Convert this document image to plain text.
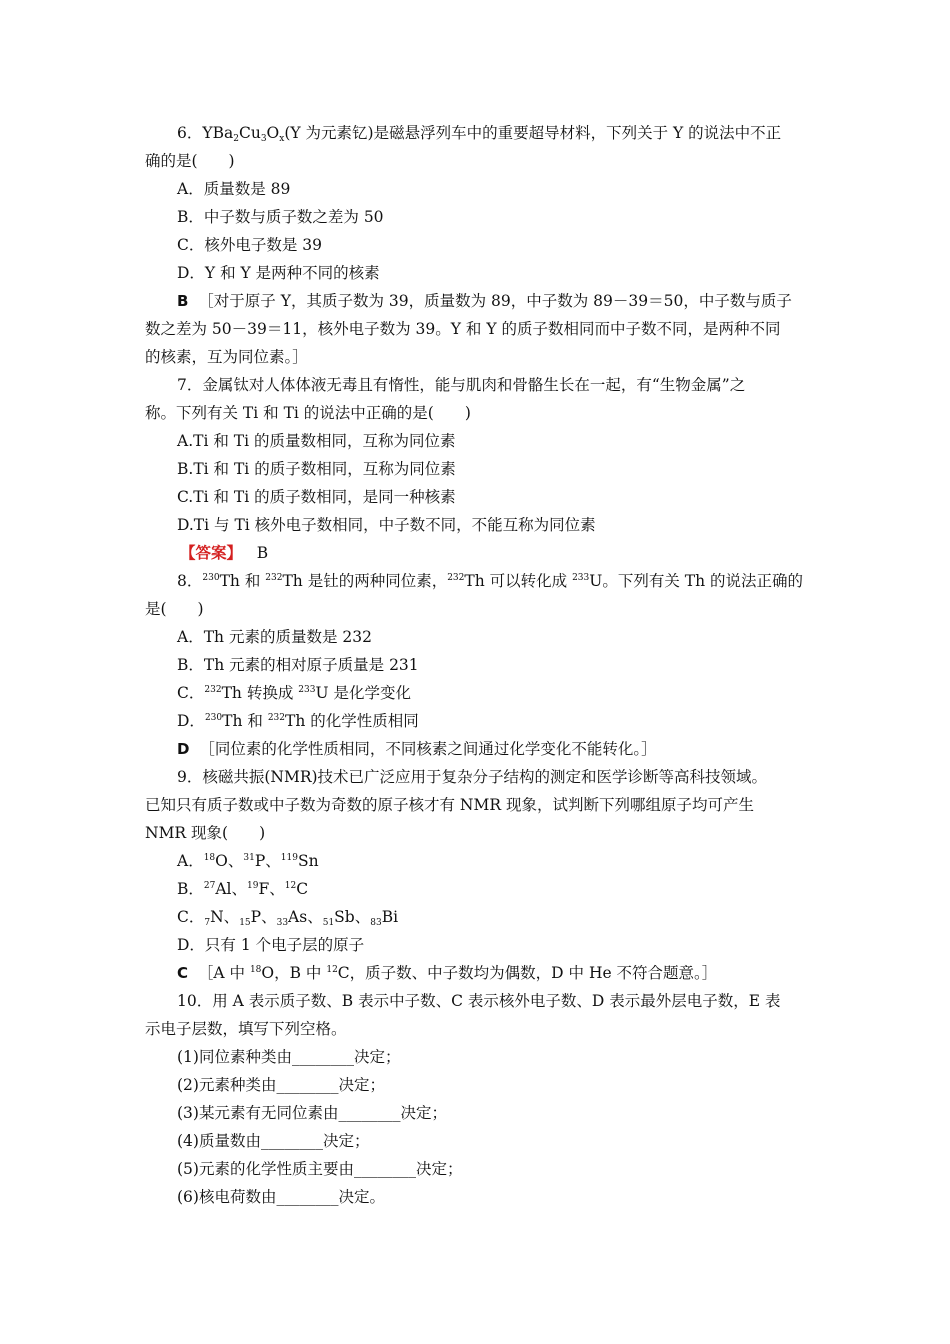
6．$YBa_2Cu_3O_x(Y$ 为元素钇)是磁悬浮列车中的重要超导材料，下列关于 Y 的说法中不正
确的是(　　)
A．质量数是 89
B．中子数与质子数之差为 50
C．核外电子数是 39
D．Y 和 Y 是两种不同的核素
B ［对于原子 Y，其质子数为 39，质量数为 89，中子数为 89－39＝50，中子数与质子
数之差为 50－39＝11，核外电子数为 39。Y 和 Y 的质子数相同而中子数不同，是两种不同
的核素，互为同位素。］
7．金属钛对人体体液无毒且有惰性，能与肌肉和骨骼生长在一起，有“生物金属”之
称。下列有关 Ti 和 Ti 的说法中正确的是(　　)
A.Ti 和 Ti 的质量数相同，互称为同位素
B.Ti 和 Ti 的质子数相同，互称为同位素
C.Ti 和 Ti 的质子数相同，是同一种核素
D.Ti 与 Ti 核外电子数相同，中子数不同，不能互称为同位素
【答案】 B
8．$^{230}$Th 和 $^{232}$Th 是钍的两种同位素，$^{232}$Th 可以转化成 $^{233}$U。下列有关 Th 的说法正确的
是(　　)
A．Th 元素的质量数是 232
B．Th 元素的相对原子质量是 231
C．$^{232}$Th 转换成 $^{233}$U 是化学变化
D．$^{230}$Th 和 $^{232}$Th 的化学性质相同
D ［同位素的化学性质相同，不同核素之间通过化学变化不能转化。］
9．核磁共振(NMR)技术已广泛应用于复杂分子结构的测定和医学诊断等高科技领域。
已知只有质子数或中子数为奇数的原子核才有 NMR 现象，试判断下列哪组原子均可产生
NMR 现象(　　)
A．$^{18}$O、$^{31}$P、$^{119}$Sn
B．$^{27}$Al、$^{19}$F、$^{12}$C
C．$_7$N、$_{15}$P、$_{33}$As、$_{51}$Sb、$_{83}$Bi
D．只有 1 个电子层的原子
C ［A 中 $^{18}$O，B 中 $^{12}$C，质子数、中子数均为偶数，D 中 He 不符合题意。］
10．用 A 表示质子数、B 表示中子数、C 表示核外电子数、D 表示最外层电子数，E 表
示电子层数，填写下列空格。
(1)同位素种类由________决定；
(2)元素种类由________决定；
(3)某元素有无同位素由________决定；
(4)质量数由________决定；
(5)元素的化学性质主要由________决定；
(6)核电荷数由________决定。
